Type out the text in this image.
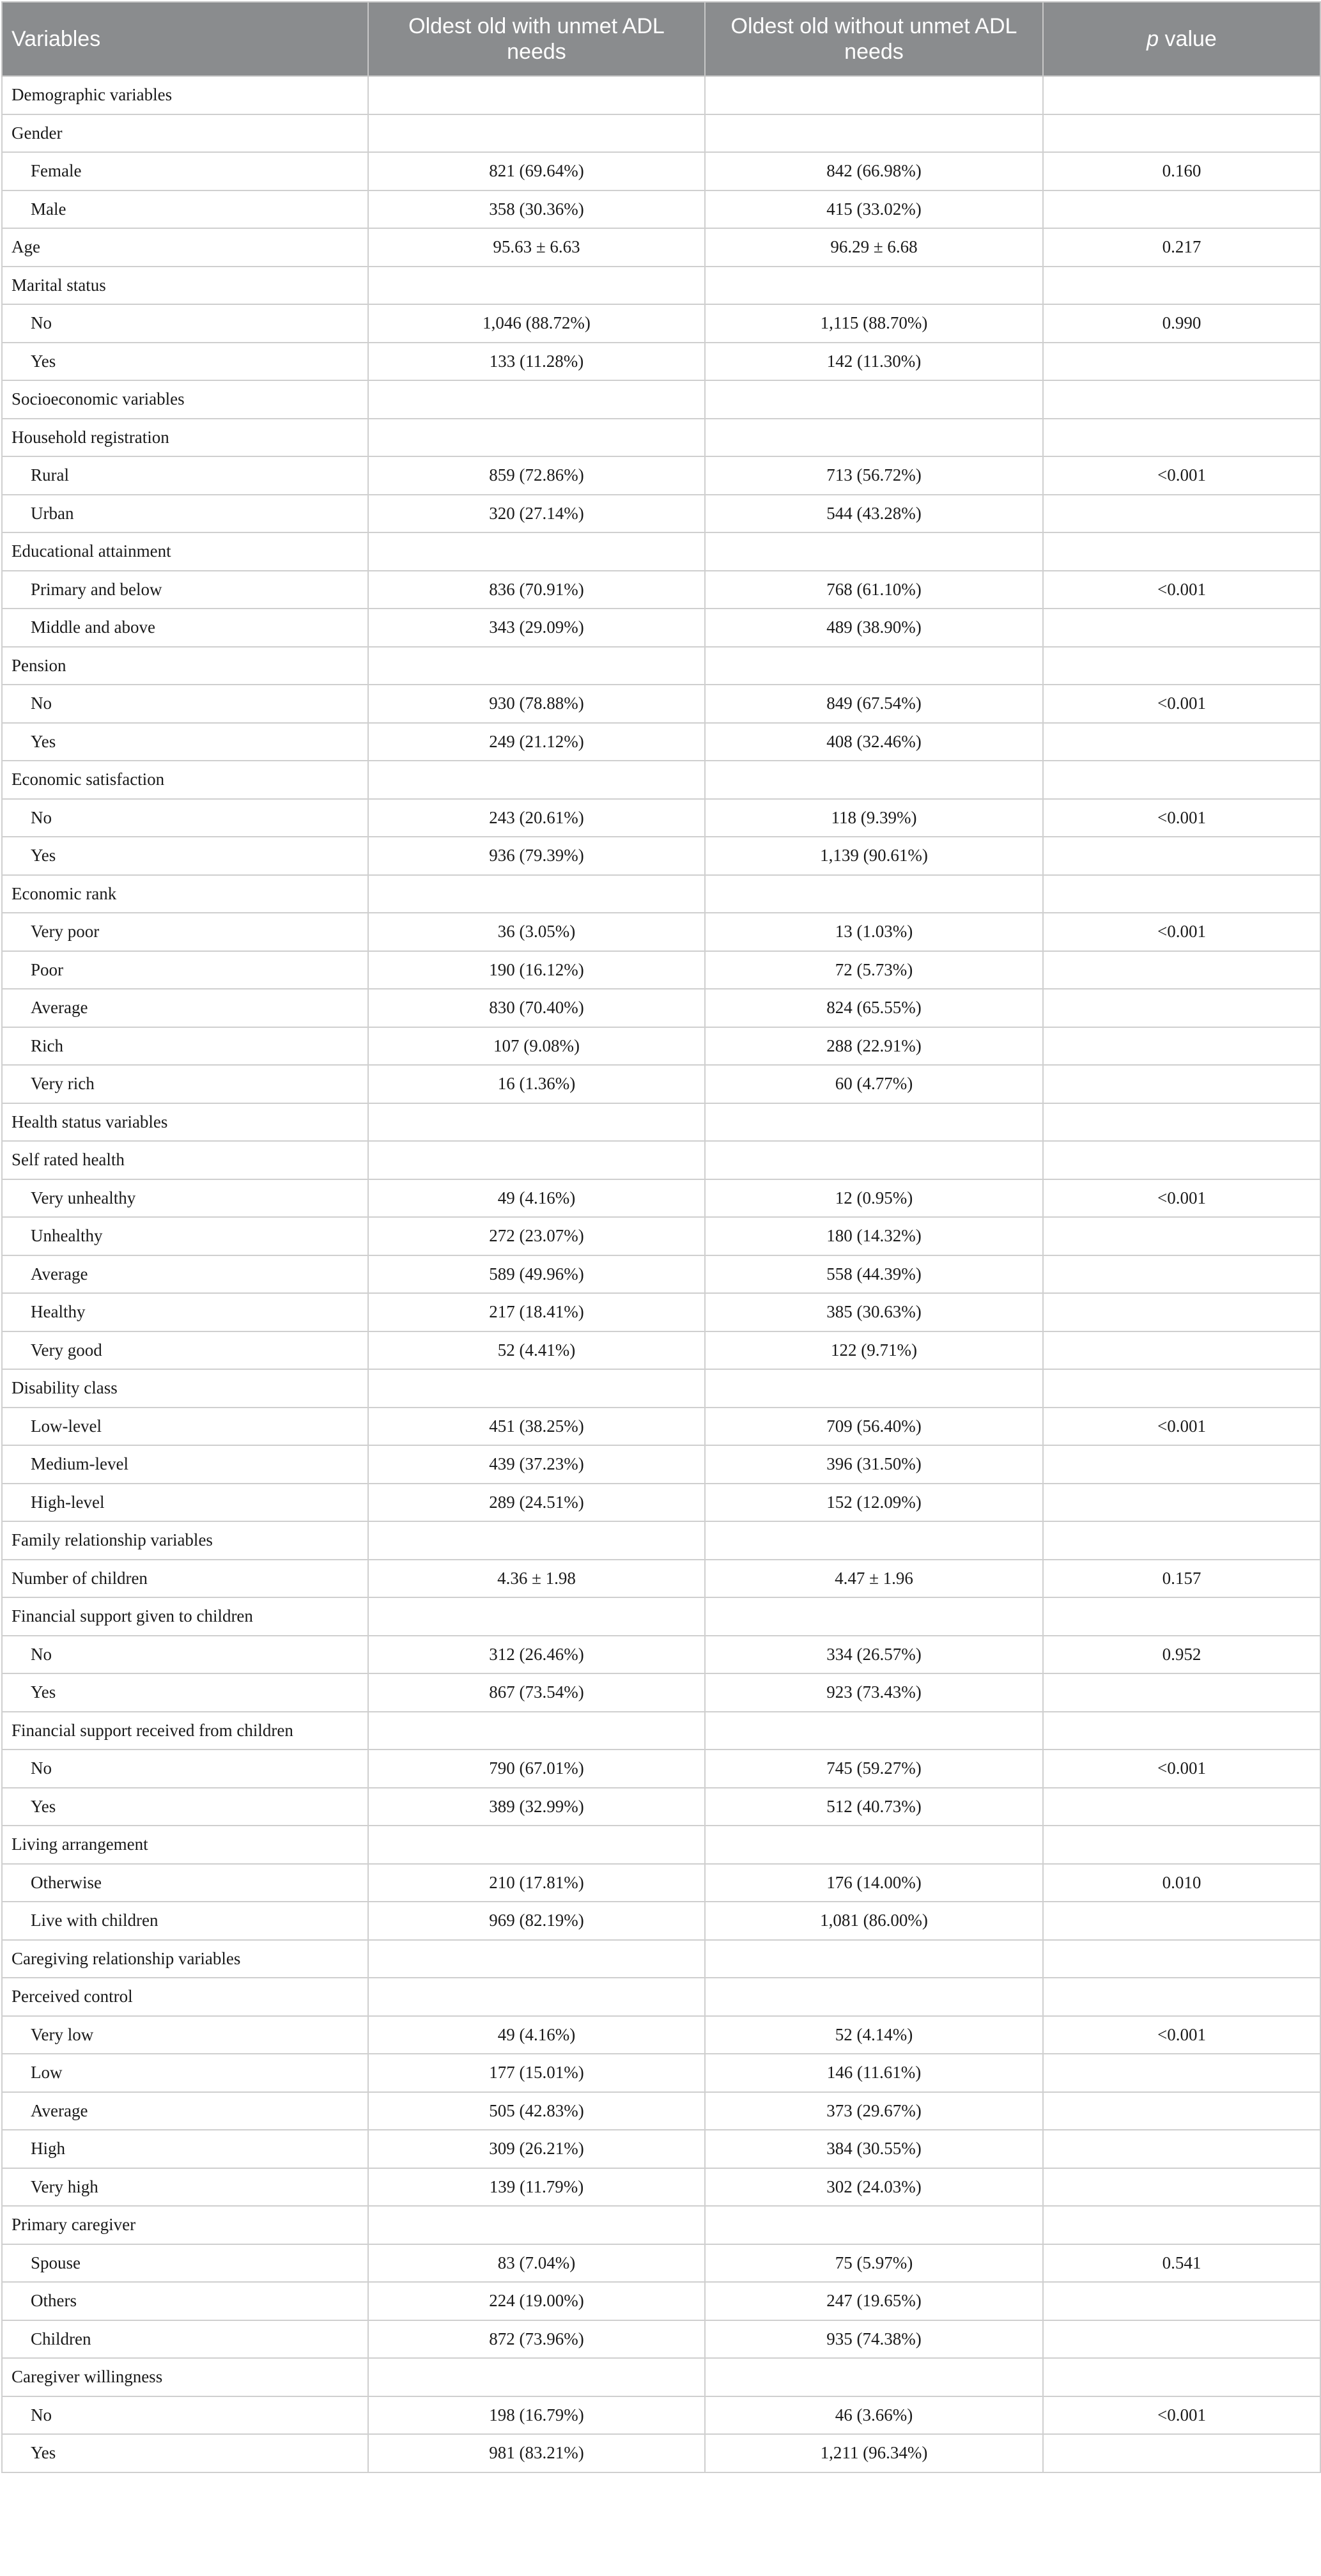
Variables	Oldest old with unmet ADL needs	Oldest old without unmet ADL needs	p value
Demographic variables			
Gender			
Female	821 (69.64%)	842 (66.98%)	0.160
Male	358 (30.36%)	415 (33.02%)	
Age	95.63 ± 6.63	96.29 ± 6.68	0.217
Marital status			
No	1,046 (88.72%)	1,115 (88.70%)	0.990
Yes	133 (11.28%)	142 (11.30%)	
Socioeconomic variables			
Household registration			
Rural	859 (72.86%)	713 (56.72%)	<0.001
Urban	320 (27.14%)	544 (43.28%)	
Educational attainment			
Primary and below	836 (70.91%)	768 (61.10%)	<0.001
Middle and above	343 (29.09%)	489 (38.90%)	
Pension			
No	930 (78.88%)	849 (67.54%)	<0.001
Yes	249 (21.12%)	408 (32.46%)	
Economic satisfaction			
No	243 (20.61%)	118 (9.39%)	<0.001
Yes	936 (79.39%)	1,139 (90.61%)	
Economic rank			
Very poor	36 (3.05%)	13 (1.03%)	<0.001
Poor	190 (16.12%)	72 (5.73%)	
Average	830 (70.40%)	824 (65.55%)	
Rich	107 (9.08%)	288 (22.91%)	
Very rich	16 (1.36%)	60 (4.77%)	
Health status variables			
Self rated health			
Very unhealthy	49 (4.16%)	12 (0.95%)	<0.001
Unhealthy	272 (23.07%)	180 (14.32%)	
Average	589 (49.96%)	558 (44.39%)	
Healthy	217 (18.41%)	385 (30.63%)	
Very good	52 (4.41%)	122 (9.71%)	
Disability class			
Low-level	451 (38.25%)	709 (56.40%)	<0.001
Medium-level	439 (37.23%)	396 (31.50%)	
High-level	289 (24.51%)	152 (12.09%)	
Family relationship variables			
Number of children	4.36 ± 1.98	4.47 ± 1.96	0.157
Financial support given to children			
No	312 (26.46%)	334 (26.57%)	0.952
Yes	867 (73.54%)	923 (73.43%)	
Financial support received from children			
No	790 (67.01%)	745 (59.27%)	<0.001
Yes	389 (32.99%)	512 (40.73%)	
Living arrangement			
Otherwise	210 (17.81%)	176 (14.00%)	0.010
Live with children	969 (82.19%)	1,081 (86.00%)	
Caregiving relationship variables			
Perceived control			
Very low	49 (4.16%)	52 (4.14%)	<0.001
Low	177 (15.01%)	146 (11.61%)	
Average	505 (42.83%)	373 (29.67%)	
High	309 (26.21%)	384 (30.55%)	
Very high	139 (11.79%)	302 (24.03%)	
Primary caregiver			
Spouse	83 (7.04%)	75 (5.97%)	0.541
Others	224 (19.00%)	247 (19.65%)	
Children	872 (73.96%)	935 (74.38%)	
Caregiver willingness			
No	198 (16.79%)	46 (3.66%)	<0.001
Yes	981 (83.21%)	1,211 (96.34%)	
